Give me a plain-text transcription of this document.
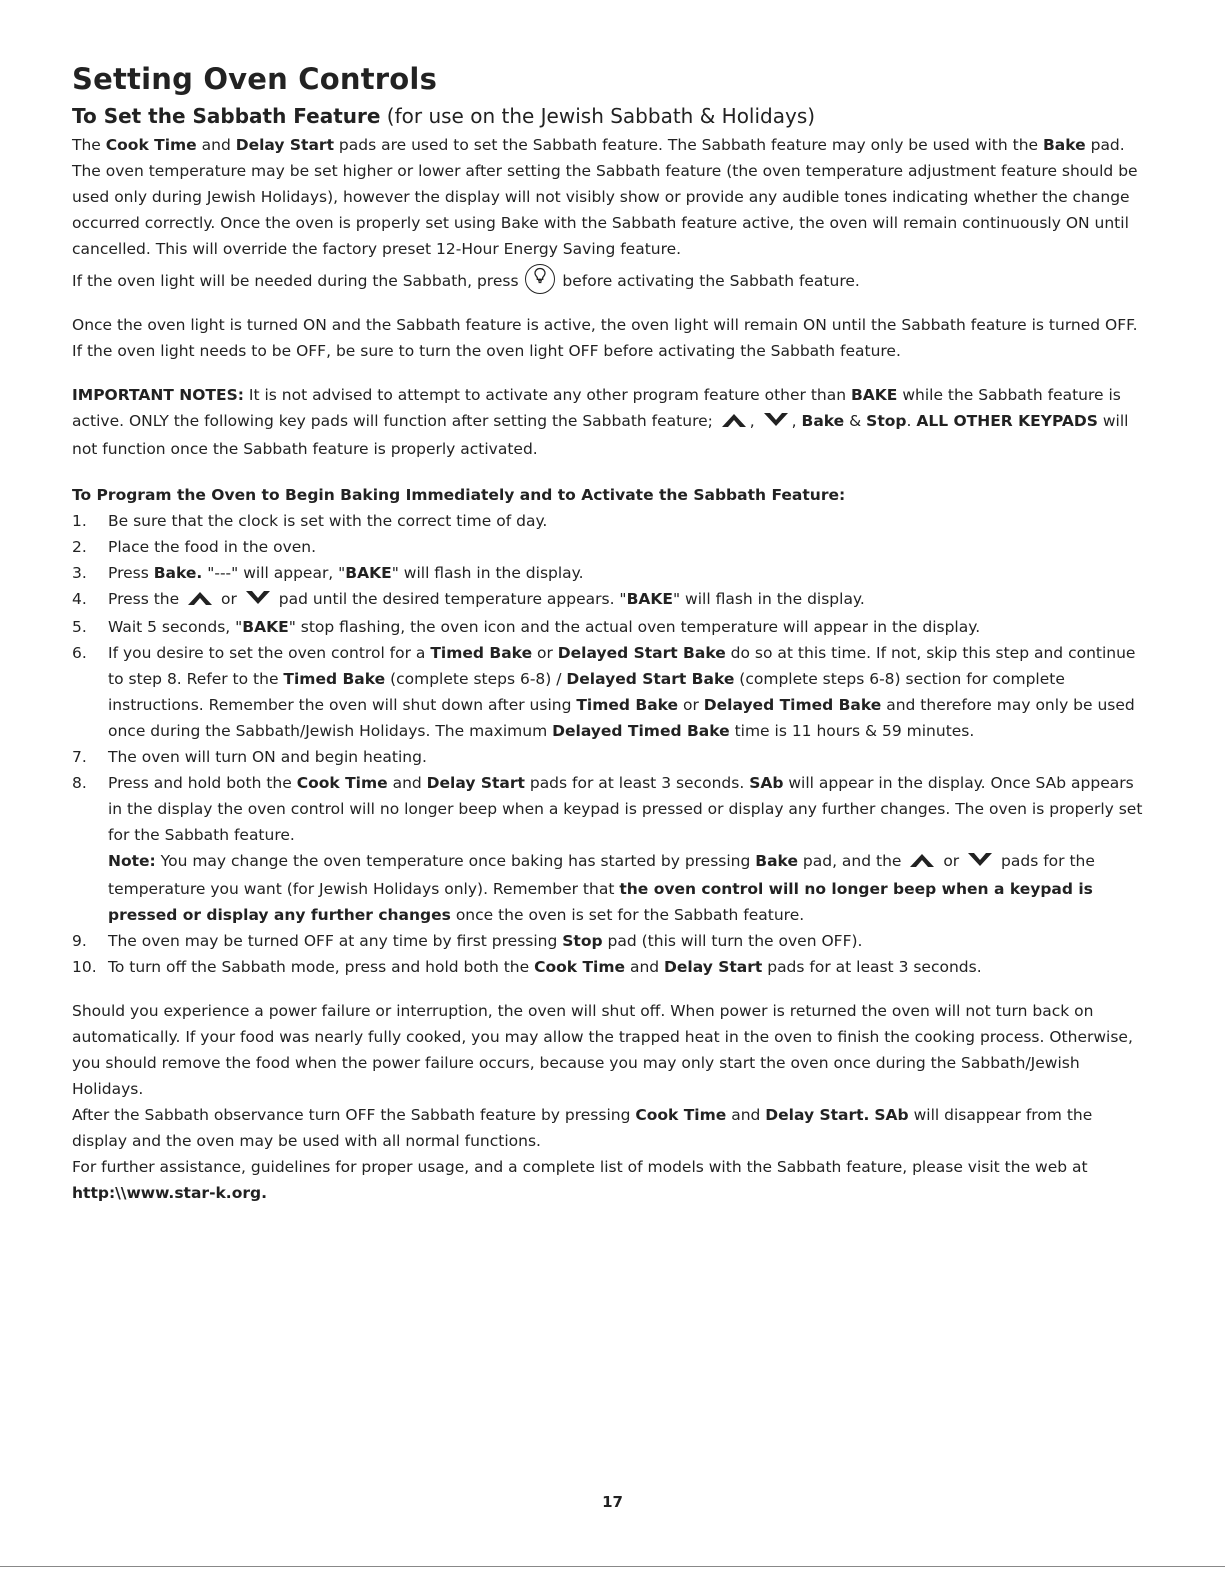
Setting Oven Controls
To Set the Sabbath Feature (for use on the Jewish Sabbath & Holidays)

The Cook Time and Delay Start pads are used to set the Sabbath feature. The Sabbath feature may only be used with the Bake pad. The oven temperature may be set higher or lower after setting the Sabbath feature (the oven temperature adjustment feature should be used only during Jewish Holidays), however the display will not visibly show or provide any audible tones indicating whether the change occurred correctly. Once the oven is properly set using Bake with the Sabbath feature active, the oven will remain continuously ON until cancelled. This will override the factory preset 12-Hour Energy Saving feature.

If the oven light will be needed during the Sabbath, press  before activating the Sabbath feature.

Once the oven light is turned ON and the Sabbath feature is active, the oven light will remain ON until the Sabbath feature is turned OFF. If the oven light needs to be OFF, be sure to turn the oven light OFF before activating the Sabbath feature.

IMPORTANT NOTES: It is not advised to attempt to activate any other program feature other than BAKE while the Sabbath feature is active. ONLY the following key pads will function after setting the Sabbath feature; , , Bake & Stop. ALL OTHER KEYPADS will not function once the Sabbath feature is properly activated.

To Program the Oven to Begin Baking Immediately and to Activate the Sabbath Feature:
1. Be sure that the clock is set with the correct time of day.
2. Place the food in the oven.
3. Press Bake. "---" will appear, "BAKE" will flash in the display.
4. Press the  or  pad until the desired temperature appears. "BAKE" will flash in the display.
5. Wait 5 seconds, "BAKE" stop flashing, the oven icon and the actual oven temperature will appear in the display.
6. If you desire to set the oven control for a Timed Bake or Delayed Start Bake do so at this time. If not, skip this step and continue to step 8. Refer to the Timed Bake (complete steps 6-8) / Delayed Start Bake (complete steps 6-8) section for complete instructions. Remember the oven will shut down after using Timed Bake or Delayed Timed Bake and therefore may only be used once during the Sabbath/Jewish Holidays. The maximum Delayed Timed Bake time is 11 hours & 59 minutes.
7. The oven will turn ON and begin heating.
8. Press and hold both the Cook Time and Delay Start pads for at least 3 seconds. SAb will appear in the display. Once SAb appears in the display the oven control will no longer beep when a keypad is pressed or display any further changes. The oven is properly set for the Sabbath feature.
Note: You may change the oven temperature once baking has started by pressing Bake pad, and the  or  pads for the temperature you want (for Jewish Holidays only). Remember that the oven control will no longer beep when a keypad is pressed or display any further changes once the oven is set for the Sabbath feature.
9. The oven may be turned OFF at any time by first pressing Stop pad (this will turn the oven OFF).
10. To turn off the Sabbath mode, press and hold both the Cook Time and Delay Start pads for at least 3 seconds.

Should you experience a power failure or interruption, the oven will shut off. When power is returned the oven will not turn back on automatically. If your food was nearly fully cooked, you may allow the trapped heat in the oven to finish the cooking process. Otherwise, you should remove the food when the power failure occurs, because you may only start the oven once during the Sabbath/Jewish Holidays.

After the Sabbath observance turn OFF the Sabbath feature by pressing Cook Time and Delay Start. SAb will disappear from the display and the oven may be used with all normal functions.

For further assistance, guidelines for proper usage, and a complete list of models with the Sabbath feature, please visit the web at http:\\www.star-k.org.

17
